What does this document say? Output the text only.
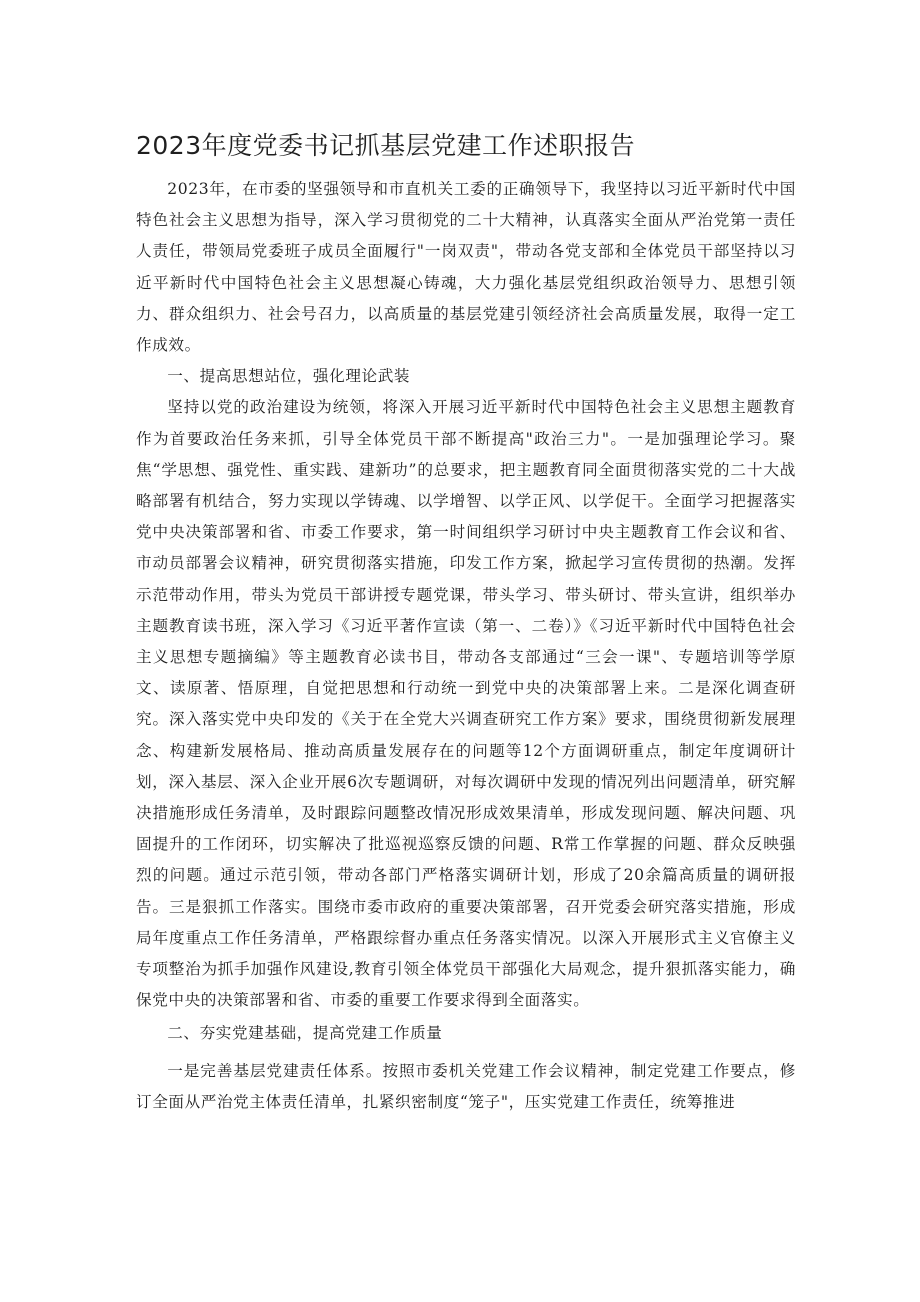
2023年度党委书记抓基层党建工作述职报告

2023年，在市委的坚强领导和市直机关工委的正确领导下，我坚持以习近平新时代中国特色社会主义思想为指导，深入学习贯彻党的二十大精神，认真落实全面从严治党第一责任人责任，带领局党委班子成员全面履行"一岗双责"，带动各党支部和全体党员干部坚持以习近平新时代中国特色社会主义思想凝心铸魂，大力强化基层党组织政治领导力、思想引领力、群众组织力、社会号召力，以高质量的基层党建引领经济社会高质量发展，取得一定工作成效。

一、提高思想站位，强化理论武装

坚持以党的政治建设为统领，将深入开展习近平新时代中国特色社会主义思想主题教育作为首要政治任务来抓，引导全体党员干部不断提高"政治三力"。一是加强理论学习。聚焦“学思想、强党性、重实践、建新功”的总要求，把主题教育同全面贯彻落实党的二十大战略部署有机结合，努力实现以学铸魂、以学增智、以学正风、以学促干。全面学习把握落实党中央决策部署和省、市委工作要求，第一时间组织学习研讨中央主题教育工作会议和省、市动员部署会议精神，研究贯彻落实措施，印发工作方案，掀起学习宣传贯彻的热潮。发挥示范带动作用，带头为党员干部讲授专题党课，带头学习、带头研讨、带头宣讲，组织举办主题教育读书班，深入学习《习近平著作宣读（第一、二卷）》《习近平新时代中国特色社会主义思想专题摘编》等主题教育必读书目，带动各支部通过“三会一课"、专题培训等学原文、读原著、悟原理，自觉把思想和行动统一到党中央的决策部署上来。二是深化调查研究。深入落实党中央印发的《关于在全党大兴调查研究工作方案》要求，围绕贯彻新发展理念、构建新发展格局、推动高质量发展存在的问题等12个方面调研重点，制定年度调研计划，深入基层、深入企业开展6次专题调研，对每次调研中发现的情况列出问题清单，研究解决措施形成任务清单，及时跟踪问题整改情况形成效果清单，形成发现问题、解决问题、巩固提升的工作闭环，切实解决了批巡视巡察反馈的问题、R常工作掌握的问题、群众反映强烈的问题。通过示范引领，带动各部门严格落实调研计划，形成了20余篇高质量的调研报告。三是狠抓工作落实。围绕市委市政府的重要决策部署，召开党委会研究落实措施，形成局年度重点工作任务清单，严格跟综督办重点任务落实情况。以深入开展形式主义官僚主义专项整治为抓手加强作风建设,教育引领全体党员干部强化大局观念，提升狠抓落实能力，确保党中央的决策部署和省、市委的重要工作要求得到全面落实。

二、夯实党建基础，提高党建工作质量

一是完善基层党建责任体系。按照市委机关党建工作会议精神，制定党建工作要点，修订全面从严治党主体责任清单，扎紧织密制度“笼子"，压实党建工作责任，统筹推进
